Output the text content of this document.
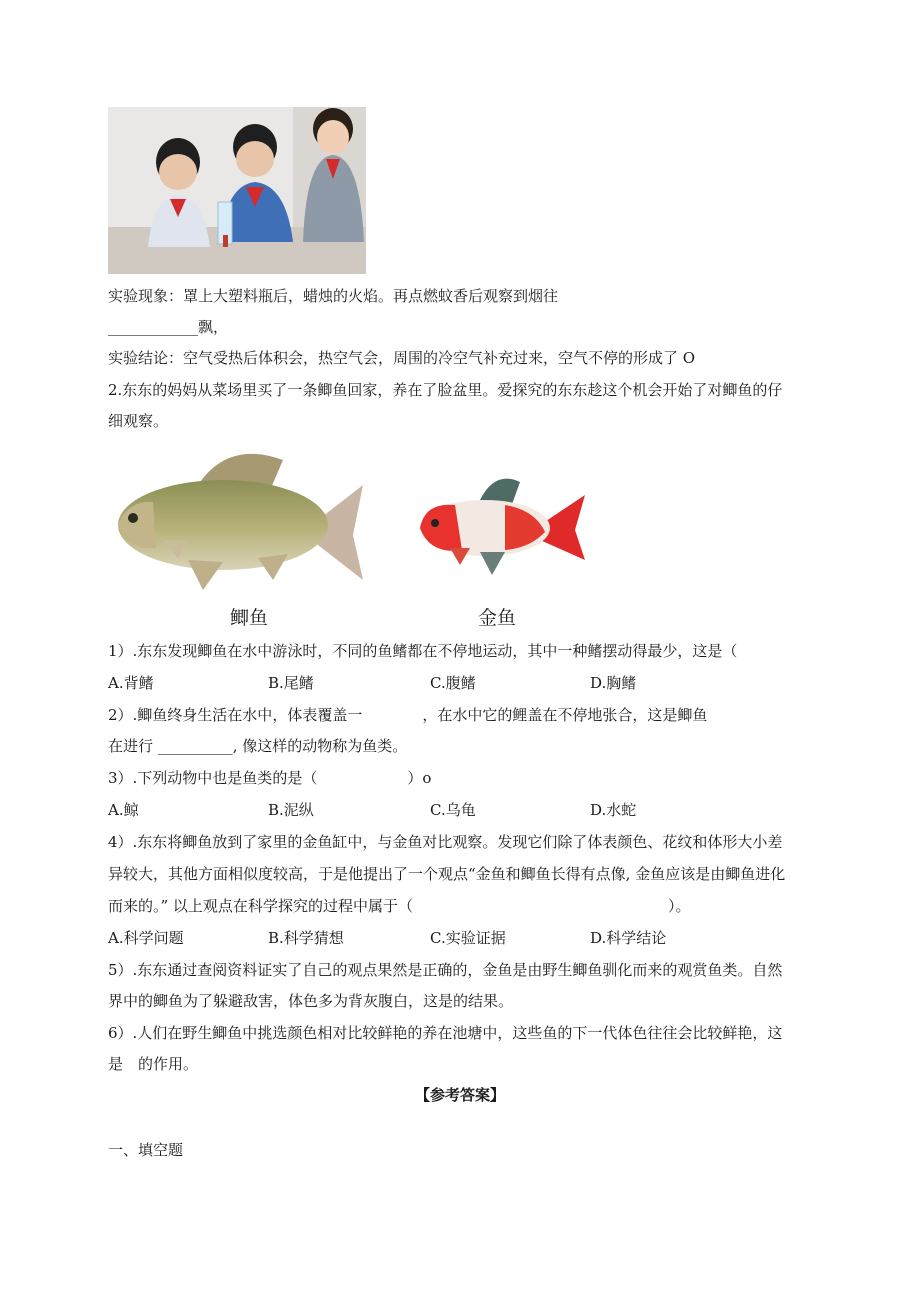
实验现象：罩上大塑料瓶后，蜡烛的火焰。再点燃蚊香后观察到烟往
____________飘，
实验结论：空气受热后体积会，热空气会，周围的冷空气补充过来，空气不停的形成了 O
2.东东的妈妈从菜场里买了一条鲫鱼回家，养在了脸盆里。爱探究的东东趁这个机会开始了对鲫鱼的仔
细观察。
鲫鱼	金鱼
1）.东东发现鲫鱼在水中游泳时，不同的鱼鳍都在不停地运动，其中一种鳍摆动得最少，这是（
A.背鳍	B.尾鳍	C.腹鳍	D.胸鳍
2）.鲫鱼终身生活在水中，体表覆盖一　　　　，在水中它的鲤盖在不停地张合，这是鲫鱼
在进行 __________, 像这样的动物称为鱼类。
3）.下列动物中也是鱼类的是（　　　　　　）o
A.鲸	B.泥纵	C.乌龟	D.水蛇
4）.东东将鲫鱼放到了家里的金鱼缸中，与金鱼对比观察。发现它们除了体表颜色、花纹和体形大小差
异较大，其他方面相似度较高，于是他提出了一个观点“金鱼和鲫鱼长得有点像, 金鱼应该是由鲫鱼进化
而来的。” 以上观点在科学探究的过程中属于（　　　　　　　　　　　　　　　　　）。
A.科学问题	B.科学猜想	C.实验证据	D.科学结论
5）.东东通过查阅资料证实了自己的观点果然是正确的，金鱼是由野生鲫鱼驯化而来的观赏鱼类。自然
界中的鲫鱼为了躲避敌害，体色多为背灰腹白，这是的结果。
6）.人们在野生鲫鱼中挑选颜色相对比较鲜艳的养在池塘中，这些鱼的下一代体色往往会比较鲜艳，这
是　的作用。
【参考答案】
一、填空题
